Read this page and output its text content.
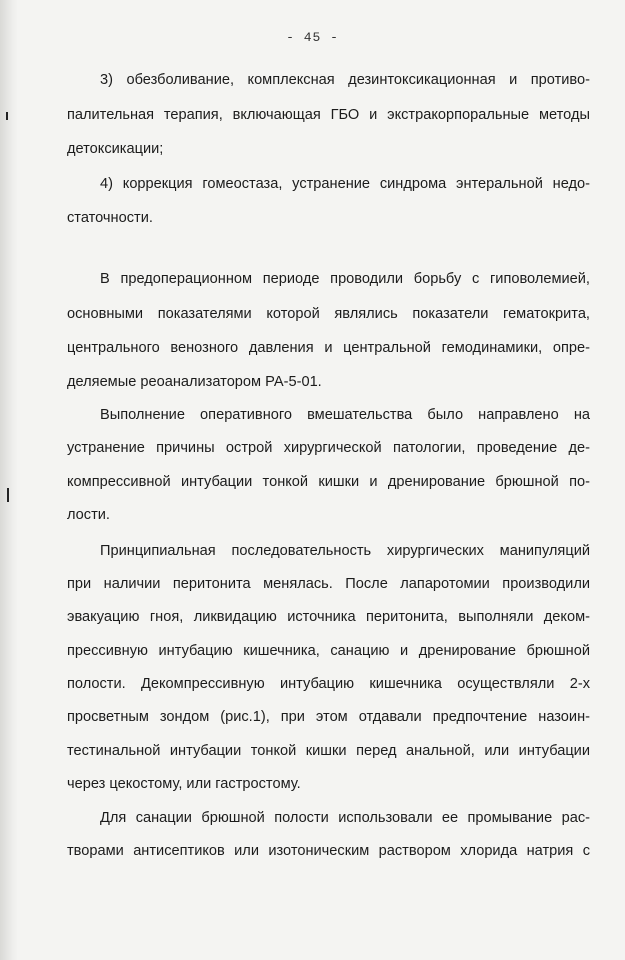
- 45 -
3) обезболивание, комплексная дезинтоксикационная и противо-
палительная терапия, включающая ГБО и экстракорпоральные методы
детоксикации;
4) коррекция гомеостаза, устранение синдрома энтеральной недо-
статочности.
В предоперационном периоде проводили борьбу с гиповолемией,
основными показателями которой являлись показатели гематокрита,
центрального венозного давления и центральной гемодинамики, опре-
деляемые реоанализатором РА-5-01.
Выполнение оперативного вмешательства было направлено на
устранение причины острой хирургической патологии, проведение де-
компрессивной интубации тонкой кишки и дренирование брюшной по-
лости.
Принципиальная последовательность хирургических манипуляций
при наличии перитонита менялась. После лапаротомии производили
эвакуацию гноя, ликвидацию источника перитонита, выполняли деком-
прессивную интубацию кишечника, санацию и дренирование брюшной
полости. Декомпрессивную интубацию кишечника осуществляли 2-х
просветным зондом (рис.1), при этом отдавали предпочтение назоин-
тестинальной интубации тонкой кишки перед анальной, или интубации
через цекостому, или гастростому.
Для санации брюшной полости использовали ее промывание рас-
творами антисептиков или изотоническим раствором хлорида натрия с
